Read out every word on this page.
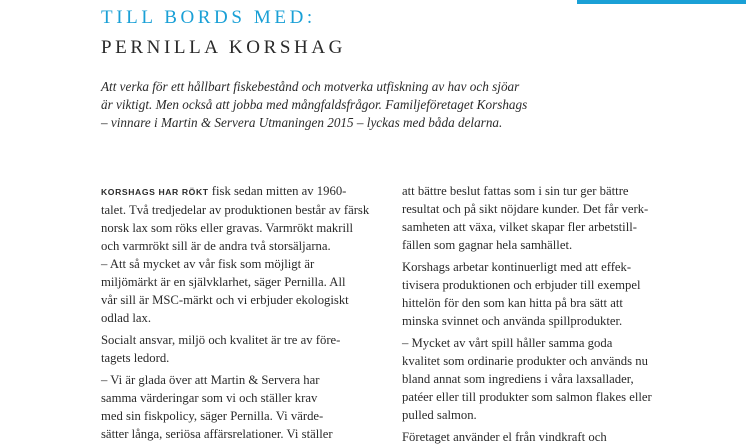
TILL BORDS MED:
PERNILLA KORSHAG
Att verka för ett hållbart fiskebestånd och motverka utfiskning av hav och sjöar
är viktigt. Men också att jobba med mångfaldsfrågor. Familjeföretaget Korshags
– vinnare i Martin & Servera Utmaningen 2015 – lyckas med båda delarna.
KORSHAGS HAR RÖKT fisk sedan mitten av 1960-
talet. Två tredjedelar av produktionen består av färsk
norsk lax som röks eller gravas. Varmrökt makrill
och varmrökt sill är de andra två storsäljarna.
– Att så mycket av vår fisk som möjligt är
miljömärkt är en självklarhet, säger Pernilla. All
vår sill är MSC-märkt och vi erbjuder ekologiskt
odlad lax.
Socialt ansvar, miljö och kvalitet är tre av före-
tagets ledord.
– Vi är glada över att Martin & Servera har
samma värderingar som vi och ställer krav
med sin fiskpolicy, säger Pernilla. Vi värde-
sätter långa, seriösa affärsrelationer. Vi ställer
att bättre beslut fattas som i sin tur ger bättre
resultat och på sikt nöjdare kunder. Det får verk-
samheten att växa, vilket skapar fler arbetstill-
fällen som gagnar hela samhället.
Korshags arbetar kontinuerligt med att effek-
tivisera produktionen och erbjuder till exempel
hittelön för den som kan hitta på bra sätt att
minska svinnet och använda spillprodukter.
– Mycket av vårt spill håller samma goda
kvalitet som ordinarie produkter och används nu
bland annat som ingrediens i våra laxsallader,
patéer eller till produkter som salmon flakes eller
pulled salmon.
Företaget använder el från vindkraft och
